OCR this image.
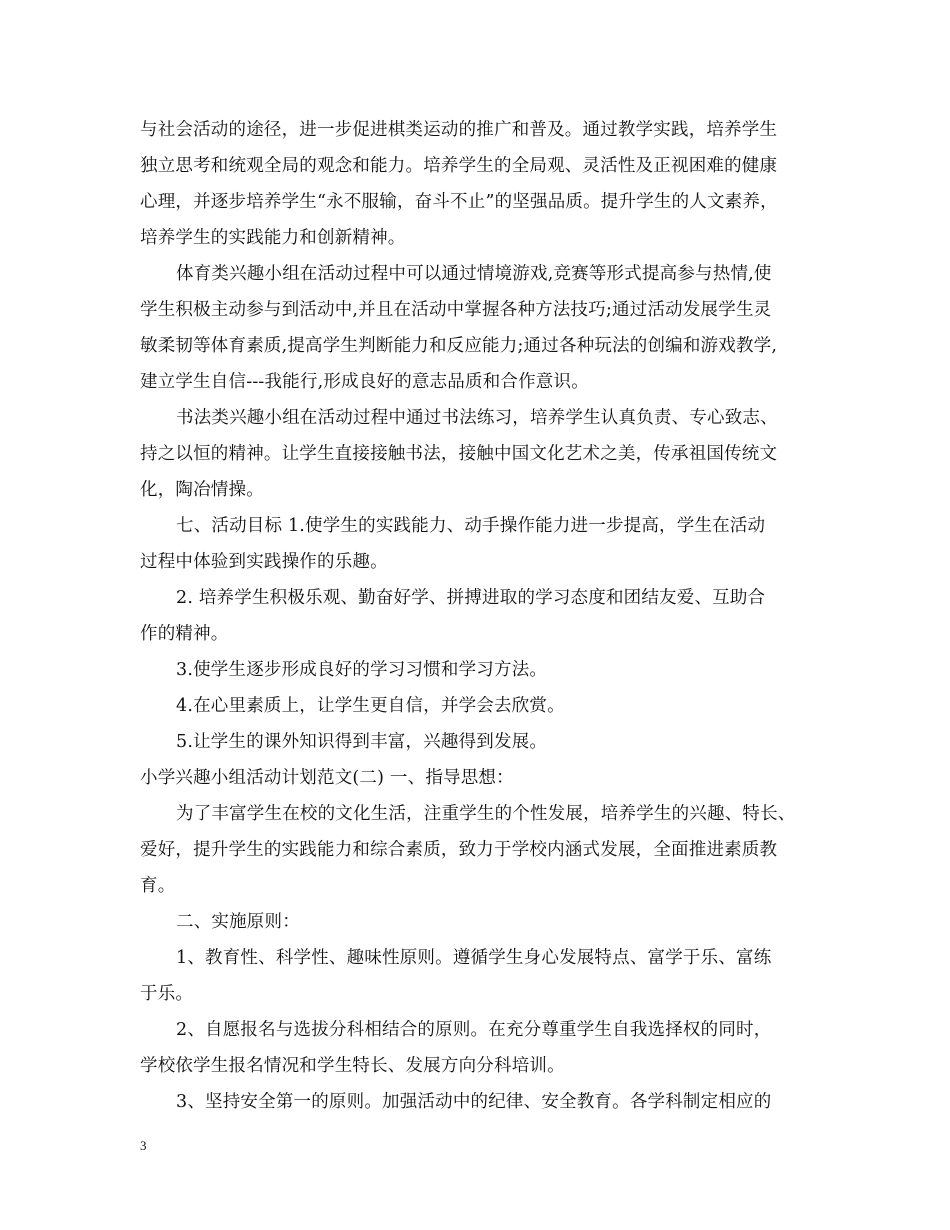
与社会活动的途径，进一步促进棋类运动的推广和普及。通过教学实践，培养学生
独立思考和统观全局的观念和能力。培养学生的全局观、灵活性及正视困难的健康
心理，并逐步培养学生“永不服输，奋斗不止”的坚强品质。提升学生的人文素养，
培养学生的实践能力和创新精神。
体育类兴趣小组在活动过程中可以通过情境游戏,竞赛等形式提高参与热情,使
学生积极主动参与到活动中,并且在活动中掌握各种方法技巧;通过活动发展学生灵
敏柔韧等体育素质,提高学生判断能力和反应能力;通过各种玩法的创编和游戏教学,
建立学生自信---我能行,形成良好的意志品质和合作意识。
书法类兴趣小组在活动过程中通过书法练习，培养学生认真负责、专心致志、
持之以恒的精神。让学生直接接触书法，接触中国文化艺术之美，传承祖国传统文
化，陶冶情操。
七、活动目标 1.使学生的实践能力、动手操作能力进一步提高，学生在活动
过程中体验到实践操作的乐趣。
2. 培养学生积极乐观、勤奋好学、拼搏进取的学习态度和团结友爱、互助合
作的精神。
3.使学生逐步形成良好的学习习惯和学习方法。
4.在心里素质上，让学生更自信，并学会去欣赏。
5.让学生的课外知识得到丰富，兴趣得到发展。
小学兴趣小组活动计划范文(二) 一、指导思想：
为了丰富学生在校的文化生活，注重学生的个性发展，培养学生的兴趣、特长、
爱好，提升学生的实践能力和综合素质，致力于学校内涵式发展，全面推进素质教
育。
二、实施原则：
1、教育性、科学性、趣味性原则。遵循学生身心发展特点、富学于乐、富练
于乐。
2、自愿报名与选拔分科相结合的原则。在充分尊重学生自我选择权的同时，
学校依学生报名情况和学生特长、发展方向分科培训。
3、坚持安全第一的原则。加强活动中的纪律、安全教育。各学科制定相应的
3
